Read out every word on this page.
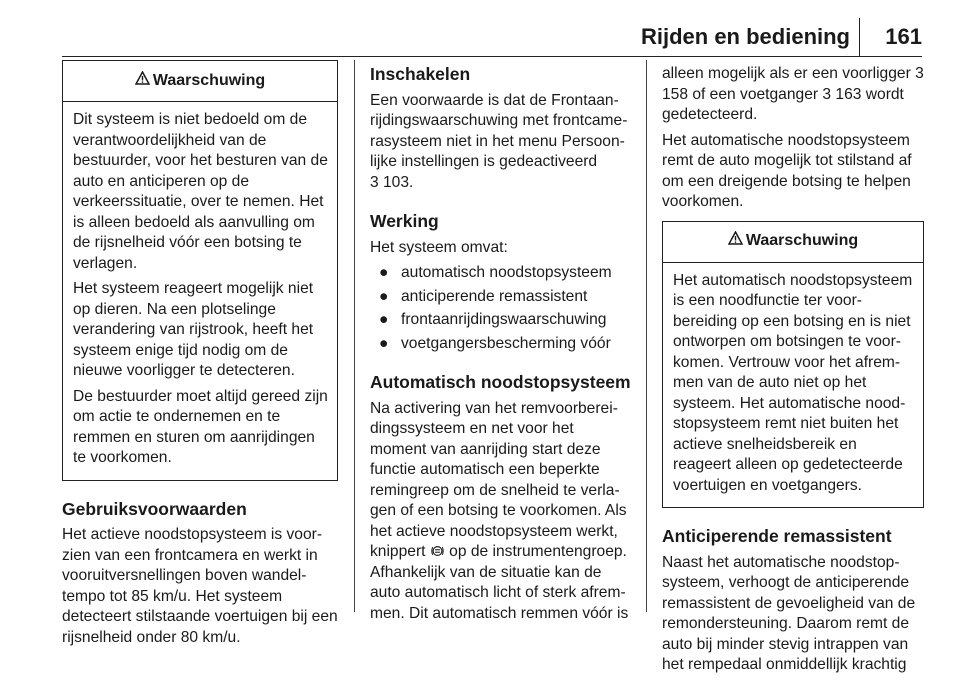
Rijden en bediening 161
Waarschuwing

Dit systeem is niet bedoeld om de verantwoordelijkheid van de bestuurder, voor het besturen van de auto en anticiperen op de verkeerssituatie, over te nemen. Het is alleen bedoeld als aanvulling om de rijsnelheid vóór een botsing te verlagen.

Het systeem reageert mogelijk niet op dieren. Na een plotselinge verandering van rijstrook, heeft het systeem enige tijd nodig om de nieuwe voorligger te detecteren.

De bestuurder moet altijd gereed zijn om actie te ondernemen en te remmen en sturen om aanrijdingen te voorkomen.

Gebruiksvoorwaarden

Het actieve noodstopsysteem is voorzien van een frontcamera en werkt in vooruitversnellingen boven wandeltempo tot 85 km/u. Het systeem detecteert stilstaande voertuigen bij een rijsnelheid onder 80 km/u.

Inschakelen

Een voorwaarde is dat de Frontaanrijdingswaarschuwing met frontcamerasysteem niet in het menu Persoonlijke instellingen is gedeactiveerd

3 103.

Werking

Het systeem omvat:

● automatisch noodstopsysteem
● anticiperende remassistent
● frontaanrijdingswaarschuwing
● voetgangersbescherming vóór
Automatisch noodstopsysteem

Na activering van het remvoorbereidingssysteem en net voor het moment van aanrijding start deze functie automatisch een beperkte remingreep om de snelheid te verlagen of een botsing te voorkomen. Als het actieve noodstopsysteem werkt, knippert op de instrumentengroep. Afhankelijk van de situatie kan de auto automatisch licht of sterk afremmen. Dit automatisch remmen vóór is

alleen mogelijk als er een voorligger 3 158 of een voetganger 3 163 wordt gedetecteerd.

Het automatische noodstopsysteem remt de auto mogelijk tot stilstand af om een dreigende botsing te helpen voorkomen.

Waarschuwing

Het automatisch noodstopsysteem is een noodfunctie ter voorbereiding op een botsing en is niet ontworpen om botsingen te voorkomen. Vertrouw voor het afremmen van de auto niet op het systeem. Het automatische noodstopsysteem remt niet buiten het actieve snelheidsbereik en reageert alleen op gedetecteerde voertuigen en voetgangers.

Anticiperende remassistent

Naast het automatische noodstopsysteem, verhoogt de anticiperende remassistent de gevoeligheid van de remondersteuning. Daarom remt de auto bij minder stevig intrappen van het rempedaal onmiddellijk krachtig
